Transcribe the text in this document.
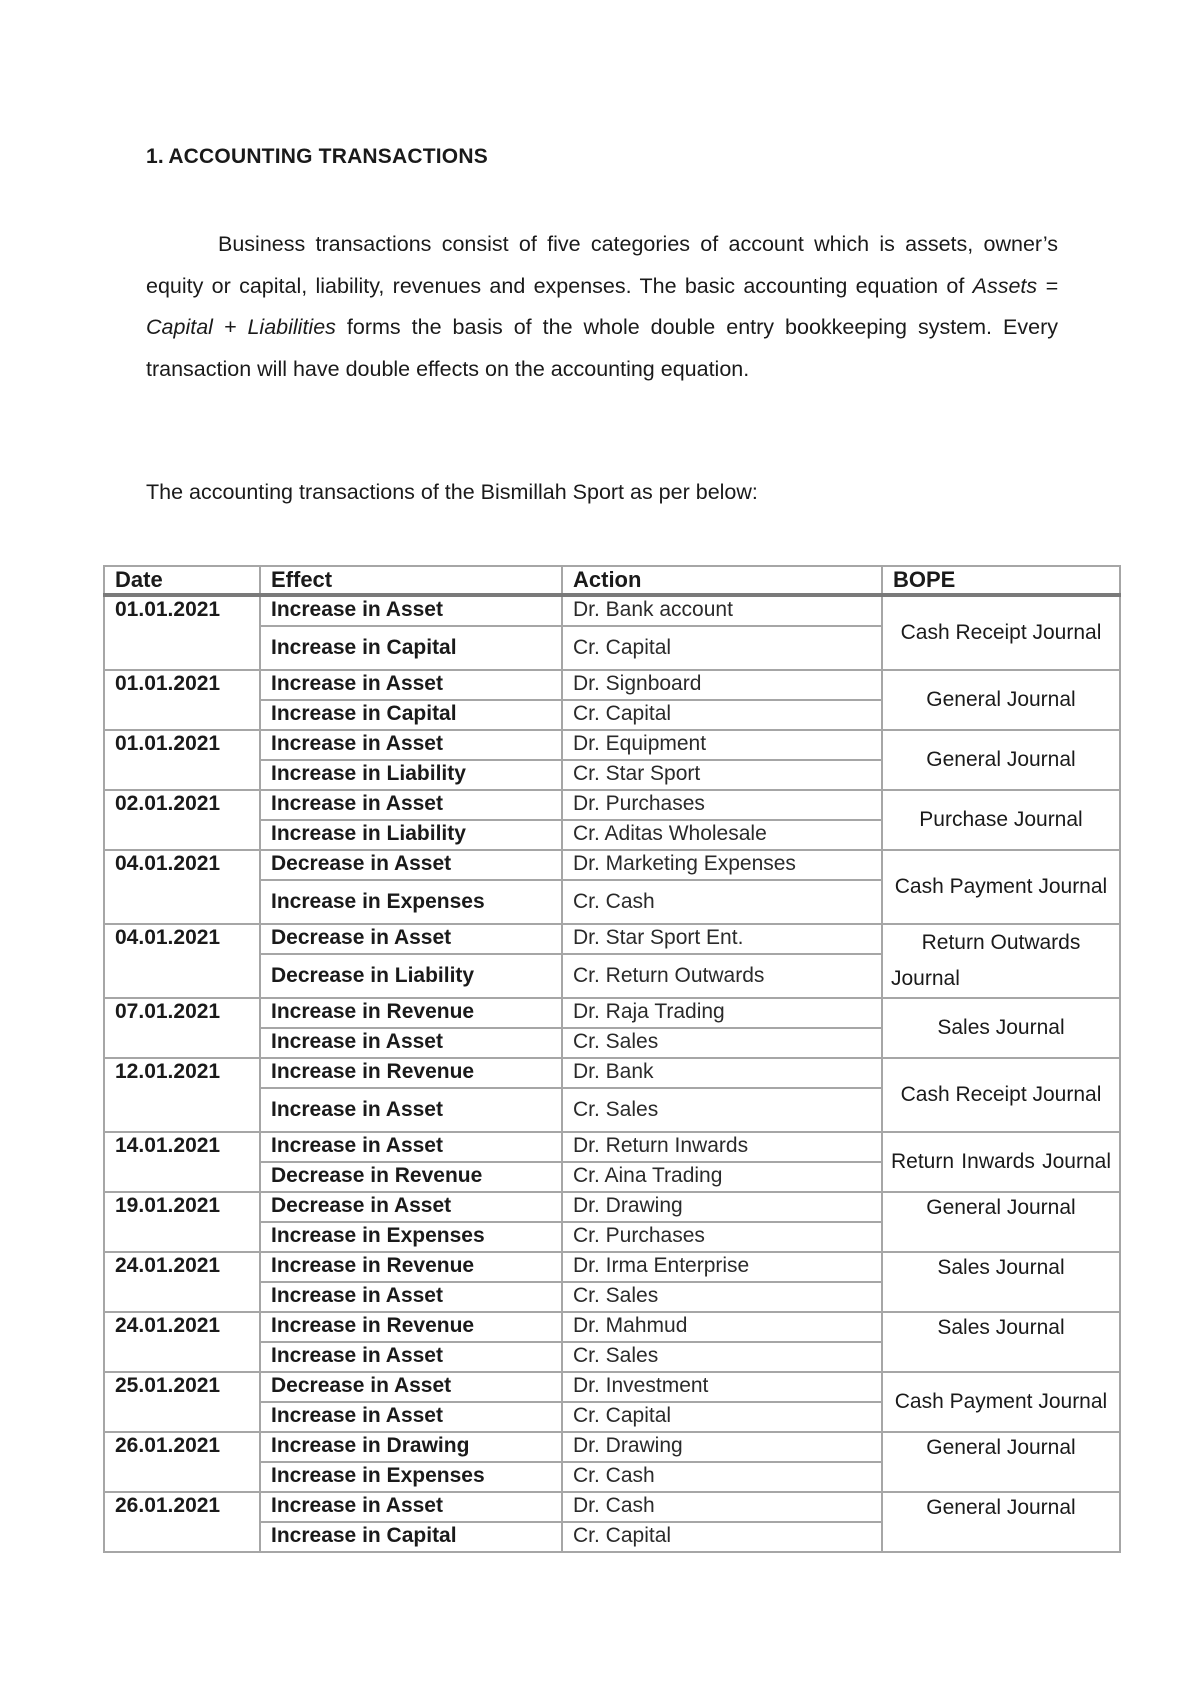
1. ACCOUNTING TRANSACTIONS

Business transactions consist of five categories of account which is assets, owner’s equity or capital, liability, revenues and expenses. The basic accounting equation of Assets = Capital + Liabilities forms the basis of the whole double entry bookkeeping system. Every transaction will have double effects on the accounting equation.

The accounting transactions of the Bismillah Sport as per below:

Date	Effect	Action	BOPE
01.01.2021	Increase in Asset	Dr. Bank account	Cash Receipt Journal
	Increase in Capital	Cr. Capital	
01.01.2021	Increase in Asset	Dr. Signboard	General Journal
	Increase in Capital	Cr. Capital	
01.01.2021	Increase in Asset	Dr. Equipment	General Journal
	Increase in Liability	Cr. Star Sport	
02.01.2021	Increase in Asset	Dr. Purchases	Purchase Journal
	Increase in Liability	Cr. Aditas Wholesale	
04.01.2021	Decrease in Asset	Dr. Marketing Expenses	Cash Payment Journal
	Increase in Expenses	Cr. Cash	
04.01.2021	Decrease in Asset	Dr. Star Sport Ent.	Return Outwards Journal
	Decrease in Liability	Cr. Return Outwards	
07.01.2021	Increase in Revenue	Dr. Raja Trading	Sales Journal
	Increase in Asset	Cr. Sales	
12.01.2021	Increase in Revenue	Dr. Bank	Cash Receipt Journal
	Increase in Asset	Cr. Sales	
14.01.2021	Increase in Asset	Dr. Return Inwards	Return Inwards Journal
	Decrease in Revenue	Cr. Aina Trading	
19.01.2021	Decrease in Asset	Dr. Drawing	General Journal
	Increase in Expenses	Cr. Purchases	
24.01.2021	Increase in Revenue	Dr. Irma Enterprise	Sales Journal
	Increase in Asset	Cr. Sales	
24.01.2021	Increase in Revenue	Dr. Mahmud	Sales Journal
	Increase in Asset	Cr. Sales	
25.01.2021	Decrease in Asset	Dr. Investment	Cash Payment Journal
	Increase in Asset	Cr. Capital	
26.01.2021	Increase in Drawing	Dr. Drawing	General Journal
	Increase in Expenses	Cr. Cash	
26.01.2021	Increase in Asset	Dr. Cash	General Journal
	Increase in Capital	Cr. Capital	
